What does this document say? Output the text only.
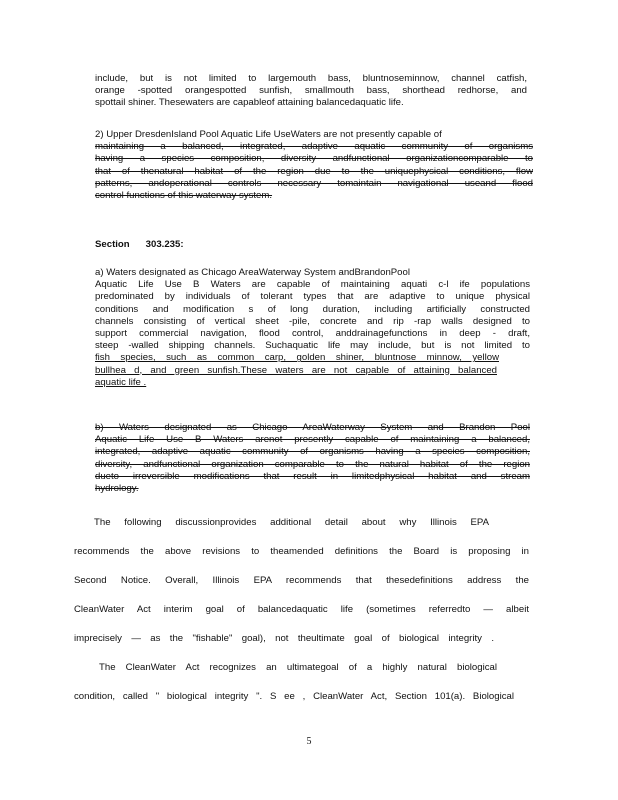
include, but is not limited to largemouth bass, bluntnoseminnow, channel catfish,
orange -spotted orangespotted sunfish, smallmouth bass, shorthead redhorse, and
spottail shiner. Thesewaters are capableof attaining balancedaquatic life.
2) Upper DresdenIsland Pool Aquatic Life UseWaters are not presently capable of
maintaining a balanced, integrated, adaptive aquatic community of organisms
having a species composition, diversity andfunctional organizationcomparable to
that of thenatural habitat of the region due to the uniquephysical conditions, flow
patterns, andoperational controls necessary tomaintain navigational useand flood
control functions of this waterway system.
Section      303.235:
a) Waters designated as Chicago AreaWaterway System andBrandonPool
Aquatic Life Use B Waters are capable of maintaining aquati c-l ife populations
predominated by individuals of tolerant types that are adaptive to unique physical
conditions and modification s of long duration, including artificially constructed
channels consisting of vertical sheet -pile, concrete and rip -rap walls designed to
support commercial navigation, flood control, anddrainagefunctions in deep - draft,
steep -walled shipping channels. Suchaquatic life may include, but is not limited to
fish species, such as common carp, golden shiner, bluntnose minnow, yellow
bullhea d, and green sunfish.These waters are not capable of attaining balanced
aquatic life .
b) Waters designated as Chicago AreaWaterway System and Brandon Pool
Aquatic Life Use B Waters arenot presently capable of maintaining a balanced,
integrated, adaptive aquatic community of organisms having a species composition,
diversity, andfunctional organization comparable to the natural habitat of the region
dueto irreversible modifications that result in limitedphysical habitat and stream
hydrology.
The following discussionprovides additional detail about why Illinois EPA
recommends the above revisions to theamended definitions the Board is proposing in
Second Notice. Overall, Illinois EPA recommends that thesedefinitions address the
CleanWater Act interim goal of balancedaquatic life (sometimes referredto — albeit
imprecisely — as the "fishable" goal), not theultimate goal of biological integrity .
The CleanWater Act recognizes an ultimategoal of a highly natural biological
condition, called " biological integrity ". S ee , CleanWater Act, Section 101(a). Biological
5
